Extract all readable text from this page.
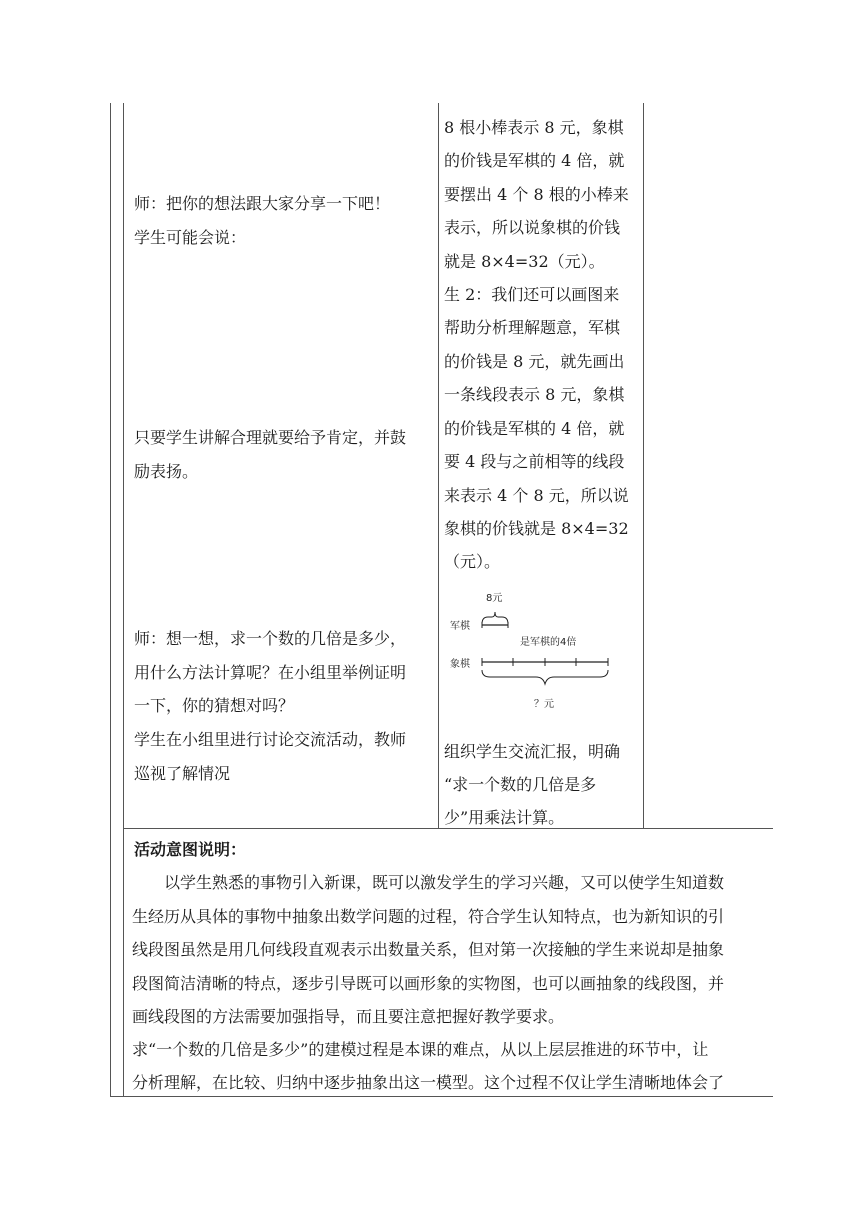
师：把你的想法跟大家分享一下吧！
学生可能会说：
只要学生讲解合理就要给予肯定，并鼓
励表扬。
师：想一想，求一个数的几倍是多少，
用什么方法计算呢？在小组里举例证明
一下，你的猜想对吗？
学生在小组里进行讨论交流活动，教师
巡视了解情况
8 根小棒表示 8 元，象棋
的价钱是军棋的 4 倍，就
要摆出 4 个 8 根的小棒来
表示，所以说象棋的价钱
就是 8×4=32（元）。
生 2：我们还可以画图来
帮助分析理解题意，军棋
的价钱是 8 元，就先画出
一条线段表示 8 元，象棋
的价钱是军棋的 4 倍，就
要 4 段与之前相等的线段
来表示 4 个 8 元，所以说
象棋的价钱就是 8×4=32
（元）。
组织学生交流汇报，明确
“求一个数的几倍是多
少”用乘法计算。
8元
军棋
是军棋的4倍
象棋
？元
活动意图说明：
以学生熟悉的事物引入新课，既可以激发学生的学习兴趣，又可以使学生知道数
生经历从具体的事物中抽象出数学问题的过程，符合学生认知特点，也为新知识的引
线段图虽然是用几何线段直观表示出数量关系，但对第一次接触的学生来说却是抽象
段图简洁清晰的特点，逐步引导既可以画形象的实物图，也可以画抽象的线段图，并
画线段图的方法需要加强指导，而且要注意把握好教学要求。
求“一个数的几倍是多少”的建模过程是本课的难点，从以上层层推进的环节中，让
分析理解，在比较、归纳中逐步抽象出这一模型。这个过程不仅让学生清晰地体会了
